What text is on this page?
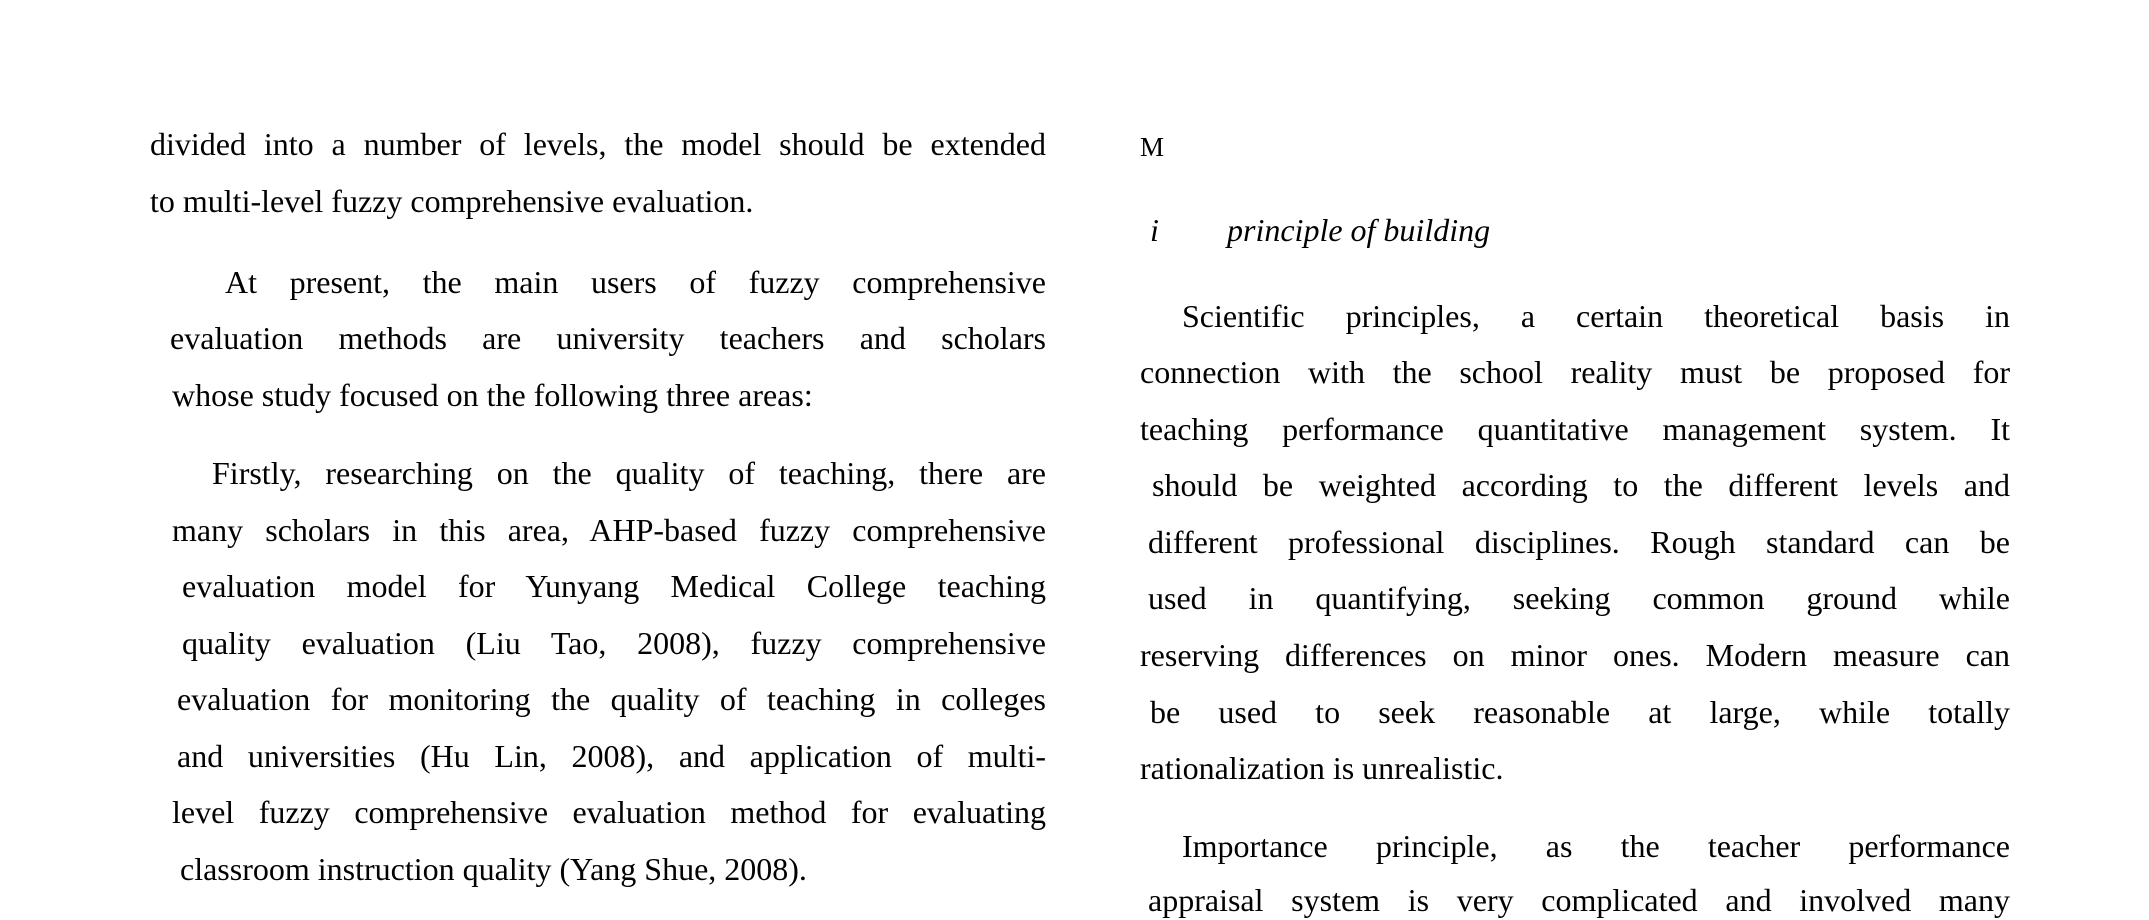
divided into a number of levels, the model should be extended
to multi-level fuzzy comprehensive evaluation.
At present, the main users of fuzzy comprehensive
evaluation methods are university teachers and scholars
whose study focused on the following three areas:
Firstly, researching on the quality of teaching, there are
many scholars in this area, AHP-based fuzzy comprehensive
evaluation model for Yunyang Medical College teaching
quality evaluation (Liu Tao, 2008), fuzzy comprehensive
evaluation for monitoring the quality of teaching in colleges
and universities (Hu Lin, 2008), and application of multi-
level fuzzy comprehensive evaluation method for evaluating
classroom instruction quality (Yang Shue, 2008).
M
i principle of building
Scientific principles, a certain theoretical basis in
connection with the school reality must be proposed for
teaching performance quantitative management system. It
should be weighted according to the different levels and
different professional disciplines. Rough standard can be
used in quantifying, seeking common ground while
reserving differences on minor ones. Modern measure can
be used to seek reasonable at large, while totally
rationalization is unrealistic.
Importance principle, as the teacher performance
appraisal system is very complicated and involved many
